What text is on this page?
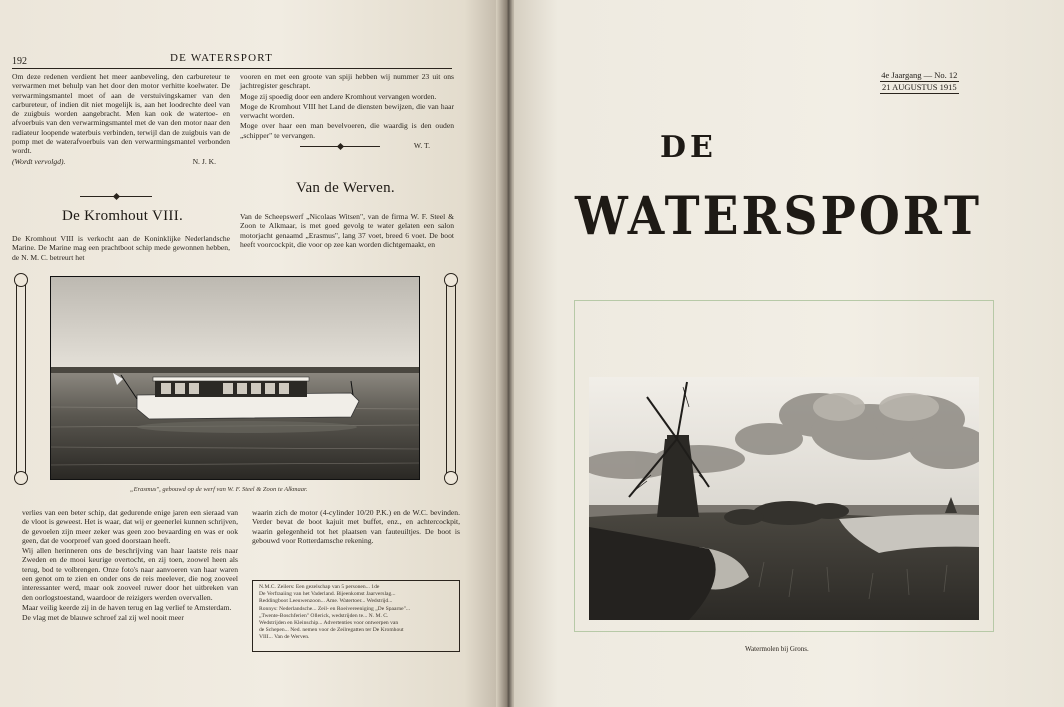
192	DE WATERSPORT

Om deze redenen verdient het meer aanbeveling, den carbureteur te verwarmen met behulp van het door den motor verhitte koelwater. De verwarmingsmantel moet of aan de verstuivingskamer van den carbureteur, of indien dit niet mogelijk is, aan het loodrechte deel van de zuigbuis worden aangebracht. Men kan ook de watertoe- en afvoerbuis van den verwarmingsmantel met de van den motor naar den radiateur loopende waterbuis verbinden, terwijl dan de zuigbuis van de pomp met de waterafvoerbuis van den verwarmingsmantel verbonden wordt.

(Wordt vervolgd).	N. J. K.

vooren en met een groote van spiji hebben wij nummer 23 uit ons jachtregister geschrapt.

Moge zij spoedig door een andere Kromhout vervangen worden.

Moge de Kromhout VIII het Land de diensten bewijzen, die van haar verwacht worden.

Moge over haar een man bevelvoeren, die waardig is den ouden „schipper" te vervangen.

W. T.

De Kromhout VIII.
Van de Werven.
De Kromhout VIII is verkocht aan de Koninklijke Nederlandsche Marine. De Marine mag een prachtboot schip mede gewonnen hebben, de N. M. C. betreurt het
Van de Scheepswerf „Nicolaas Witsen", van de firma W. F. Steel & Zoon te Alkmaar, is met goed gevolg te water gelaten een salon motorjacht genaamd „Erasmus", lang 37 voet, breed 6 voet. De boot heeft voorcockpit, die voor op zee kan worden dichtgemaakt, en
„Erasmus", gebouwd op de werf van W. F. Steel & Zoon te Alkmaar.

verlies van een beter schip, dat gedurende enige jaren een sieraad van de vloot is geweest. Het is waar, dat wij er geenerlei kunnen schrijven, de gevoelen zijn meer zeker was geen zoo bevaarding en was er ook geen, dat de voorproef van goed doorstaan heeft.

Wij allen herinneren ons de beschrijving van haar laatste reis naar Zweden en de mooi keurige overtocht, en zij toen, zoowel heen als terug, bod te volbrengen. Onze foto's naar aanvoeren van haar waren een genot om te zien en onder ons de reis meelever, die nog zooveel interessanter werd, maar ook zooveel ruwer door het uitbreken van den oorlogstoestand, waardoor de reizigers werden overvallen.

Maar veilig keerde zij in de haven terug en lag verlief te Amsterdam.

De vlag met de blauwe schroef zal zij wel nooit meer

waarin zich de motor (4-cylinder 10/20 P.K.) en de W.C. bevinden. Verder bevat de boot kajuit met buffet, enz., en achtercockpit, waarin gelegenheid tot het plaatsen van fauteuiltjes. De boot is gebouwd voor Rotterdamsche rekening.
N.M.C. Zeilers: Een gezelschap van 5 personen... 1de
De Verfraaiing van het Vaderland. Bijeenkomst Jaarverslag...
Reddingboot Leeuwenzoon... Ame. Watertoer... Wedstrijd...
Ronnys: Nederlandsche... Zeil- en Roeivereeniging „De Spaarne"...
„Twente-Boschferien" Ollerick, wedstrijden te... N. M. C.
Wedstrijden en Kleinschip... Advertenties voor ontwerpen van
de Schepen... Ned. nemen voor de Zeilregatten ter De Kromhout
VIII... Van de Werven.
4e Jaargang — No. 12
21 AUGUSTUS 1915
DE
WATERSPORT
Watermolen bij Grons.
